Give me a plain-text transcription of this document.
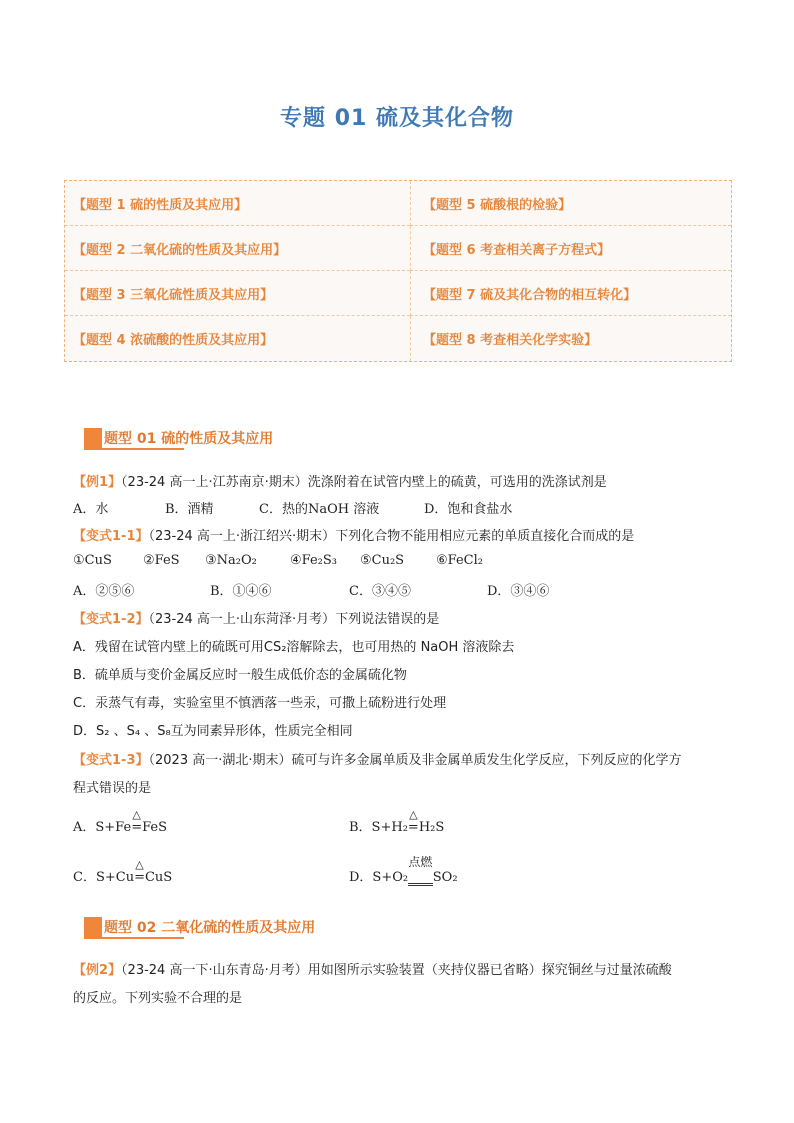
专题 01 硫及其化合物
【题型 1 硫的性质及其应用】	【题型 5 硫酸根的检验】
【题型 2 二氧化硫的性质及其应用】	【题型 6 考查相关离子方程式】
【题型 3 三氧化硫性质及其应用】	【题型 7 硫及其化合物的相互转化】
【题型 4 浓硫酸的性质及其应用】	【题型 8 考查相关化学实验】
题型 01 硫的性质及其应用
【例1】（23-24 高一上·江苏南京·期末）洗涤附着在试管内壁上的硫黄，可选用的洗涤试剂是
A．水	B．酒精	C．热的NaOH 溶液	D．饱和食盐水
【变式1-1】（23-24 高一上·浙江绍兴·期末）下列化合物不能用相应元素的单质直接化合而成的是
①CuS ②FeS ③Na₂O₂	④Fe₂S₃ ⑤Cu₂S ⑥FeCl₂
A．②⑤⑥	B．①④⑥	C．③④⑤	D．③④⑥
【变式1-2】（23-24 高一上·山东菏泽·月考）下列说法错误的是
A．残留在试管内壁上的硫既可用CS₂溶解除去，也可用热的 NaOH 溶液除去
B．硫单质与变价金属反应时一般生成低价态的金属硫化物
C．汞蒸气有毒，实验室里不慎洒落一些汞，可撒上硫粉进行处理
D．S₂ 、S₄ 、S₈互为同素异形体，性质完全相同
【变式1-3】（2023 高一·湖北·期末）硫可与许多金属单质及非金属单质发生化学反应，下列反应的化学方
程式错误的是
A．S+Fe
△
=FeS	B．S+H₂
△
=H₂S
C．S+Cu
△
=CuS	D．S+O₂
点燃
​     SO₂
题型 02 二氧化硫的性质及其应用
【例2】（23-24 高一下·山东青岛·月考）用如图所示实验装置（夹持仪器已省略）探究铜丝与过量浓硫酸
的反应。下列实验不合理的是
